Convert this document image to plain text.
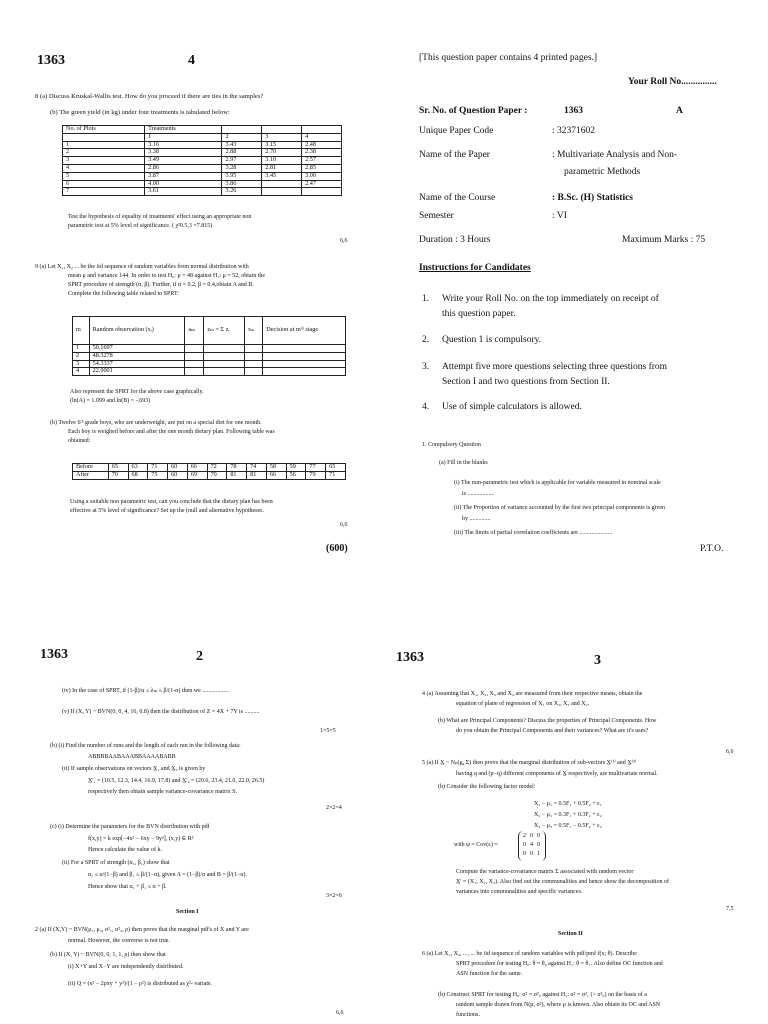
1363	4
8 (a) Discuss Kruskal-Wallis test. How do you proceed if there are ties in the samples?
(b) The green yield (in kg) under four treatments is tabulated below:
No. of Plots	Treatments			
	1	2	3	4
1	3.16	3.43	3.15	2.48
2	3.38	2.88	2.70	2.38
3	3.49	2.97	3.10	2.57
4	2.86	3.28	2.81	2.85
5	3.87	3.95	3.45	3.00
6	4.00	3.86		2.47
7	3.61	3.26		
Test the hypothesis of equality of treatments' effect using an appropriate non
parametric test at 5% level of significance. ( χ²0.5,3 =7.815)
6,6
9 (a) Let X₁, X₂ ... be the iid sequence of random variables from normal distribution with
mean μ and variance 144. In order to test H₀: μ = 48 against H₁: μ = 52, obtain the
SPRT procedure of strength (α, β). Further, if α = 0.2, β = 0.4,obtain A and B.
Complete the following table related to SPRT:
m	Random observation (xᵢ)	aₘ	zₘ = Σ zᵢ	rₘ	Decision at mᵗʰ stage
1	50.1697				
2	48.3278				
3	54.3337				
4	22.0001				
Also represent the SPRT for the above case graphically.
(ln(A) = 1.099 and ln(B) = -.693)
(b) Twelve 6ᵗʰ grade boys, who are underweight, are put on a special diet for one month.
Each boy is weighed before and after the one month dietary plan. Following table was
obtained:
Before	65	63	71	60	66	72	78	74	58	59	77	65
After	70	68	75	60	69	70	81	81	66	56	79	71
Using a suitable non parametric test, can you conclude that the dietary plan has been
effective at 5% level of significance? Set up the (null and alternative hypotheses.
6,6
(600)
[This question paper contains 4 printed pages.]
Your Roll No...............
Sr. No. of Question Paper :	1363	A
Unique Paper Code	: 32371602
Name of the Paper	: Multivariate Analysis and Non-
parametric Methods
Name of the Course	: B.Sc. (H) Statistics
Semester	: VI
Duration : 3 Hours	Maximum Marks : 75
Instructions for Candidates
1. Write your Roll No. on the top immediately on receipt of
this question paper.
2. Question 1 is compulsory.
3. Attempt five more questions selecting three questions from
Section I and two questions from Section II.
4. Use of simple calculators is allowed.
1. Compulsory Question
(a) Fill in the blanks
(i) The non-parametric test which is applicable for variable measured in nominal scale
is ..................
(ii) The Proportion of variance accounted by the first two principal components is given
by ..............
(iii) The limits of partial correlation coefficients are ......................
P.T.O.
1363	2
(iv) In the case of SPRT, if (1-β)/α ≤ λₘ ≤ β/(1-α) then we ..................
(v) If (X, Y) ~ BVN(0, 0, 4, 16, 0.8) then the distribution of Z = 4X + 7Y is ..........
1×5=5
(b) (i) Find the number of runs and the length of each run in the following data:
ABBBBAABAAABBAAAABABB
(ii) If sample observations on vectors X̲₁ and X̲₂ is given by
X̲'₁ = (10.5, 12.3, 14.4, 16.9, 17.8) and X̲'₂ = (20.6, 23.4, 21.0, 22.0, 26.5)
respectively then obtain sample variance-covariance matrix S.
2×2=4
(c) (i) Determine the parameters for the BVN distribution with pdf
f(x,y) = k exp[−4x² − 6xy − 9y²], (x,y) ∈ R²
Hence calculate the value of k.
(ii) For a SPRT of strength (α₁, β₁) show that
α₁ ≤ α/(1−β) and β₁ ≤ β/(1−α), given A = (1−β)/α and B = β/(1−α).
Hence show that α₁ + β₁ ≤ α + β.
3×2=6
Section I
2 (a) If (X,Y) ~ BVN(μ₁, μ₂, σ²₁, σ²₂, ρ) then prove that the marginal pdf's of X and Y are
normal. However, the converse is not true.
(b) If (X, Y) ~ BVN(0, 0, 1, 1, ρ) then show that
(i) X+Y and X−Y are independently distributed.
(ii) Q = (x² − 2ρxy + y²)/(1 − ρ²) is distributed as χ²- variate.
6,6
1363	3
4 (a) Assuming that X₁, X₂, X₃ and X₄ are measured from their respective means, obtain the
equation of plane of regression of X₁ on X₂, X₃ and X₄.
(b) What are Principal Components? Discuss the properties of Principal Components. How
do you obtain the Principal Components and their variances? What are it's uses?
6,6
5 (a) If X̲ ~ Nₚ(μ̲, Σ) then prove that the marginal distribution of sub-vectors X̲⁽¹⁾ and X̲⁽²⁾
having q and (p−q) different components of X̲ respectively, are multivariate normal.
(b) Consider the following factor model:
X₁ − μ₁ = 0.5F₁ + 0.5F₂ + ε₁
X₂ − μ₂ = 0.3F₁ + 0.3F₂ + ε₂
X₃ − μ₃ = 0.5F₁ − 0.5F₂ + ε₃
with ψ = Cov(ε) =
2 0 0
0 4 0
0 0 1
Compute the variance-covariance matrix Σ associated with random vector
X̲' = (X₁, X₂, X₃). Also find out the communalities and hence show the decomposition of
variances into communalities and specific variances.
7,5
Section II
6 (a) Let X₁, X₂, ..., ... be iid sequence of random variables with pdf/pmf f(x; θ). Describe
SPRT procedure for testing H₀: θ = θ₀ against H₁: θ = θ₁. Also define OC function and
ASN function for the same.
(b) Construct SPRT for testing H₀: σ² = σ²₀ against H₁: σ² = σ²₁ (> σ²₀) on the basis of a
random sample drawn from N(μ, σ²), where μ is known. Also obtain its OC and ASN
functions.
